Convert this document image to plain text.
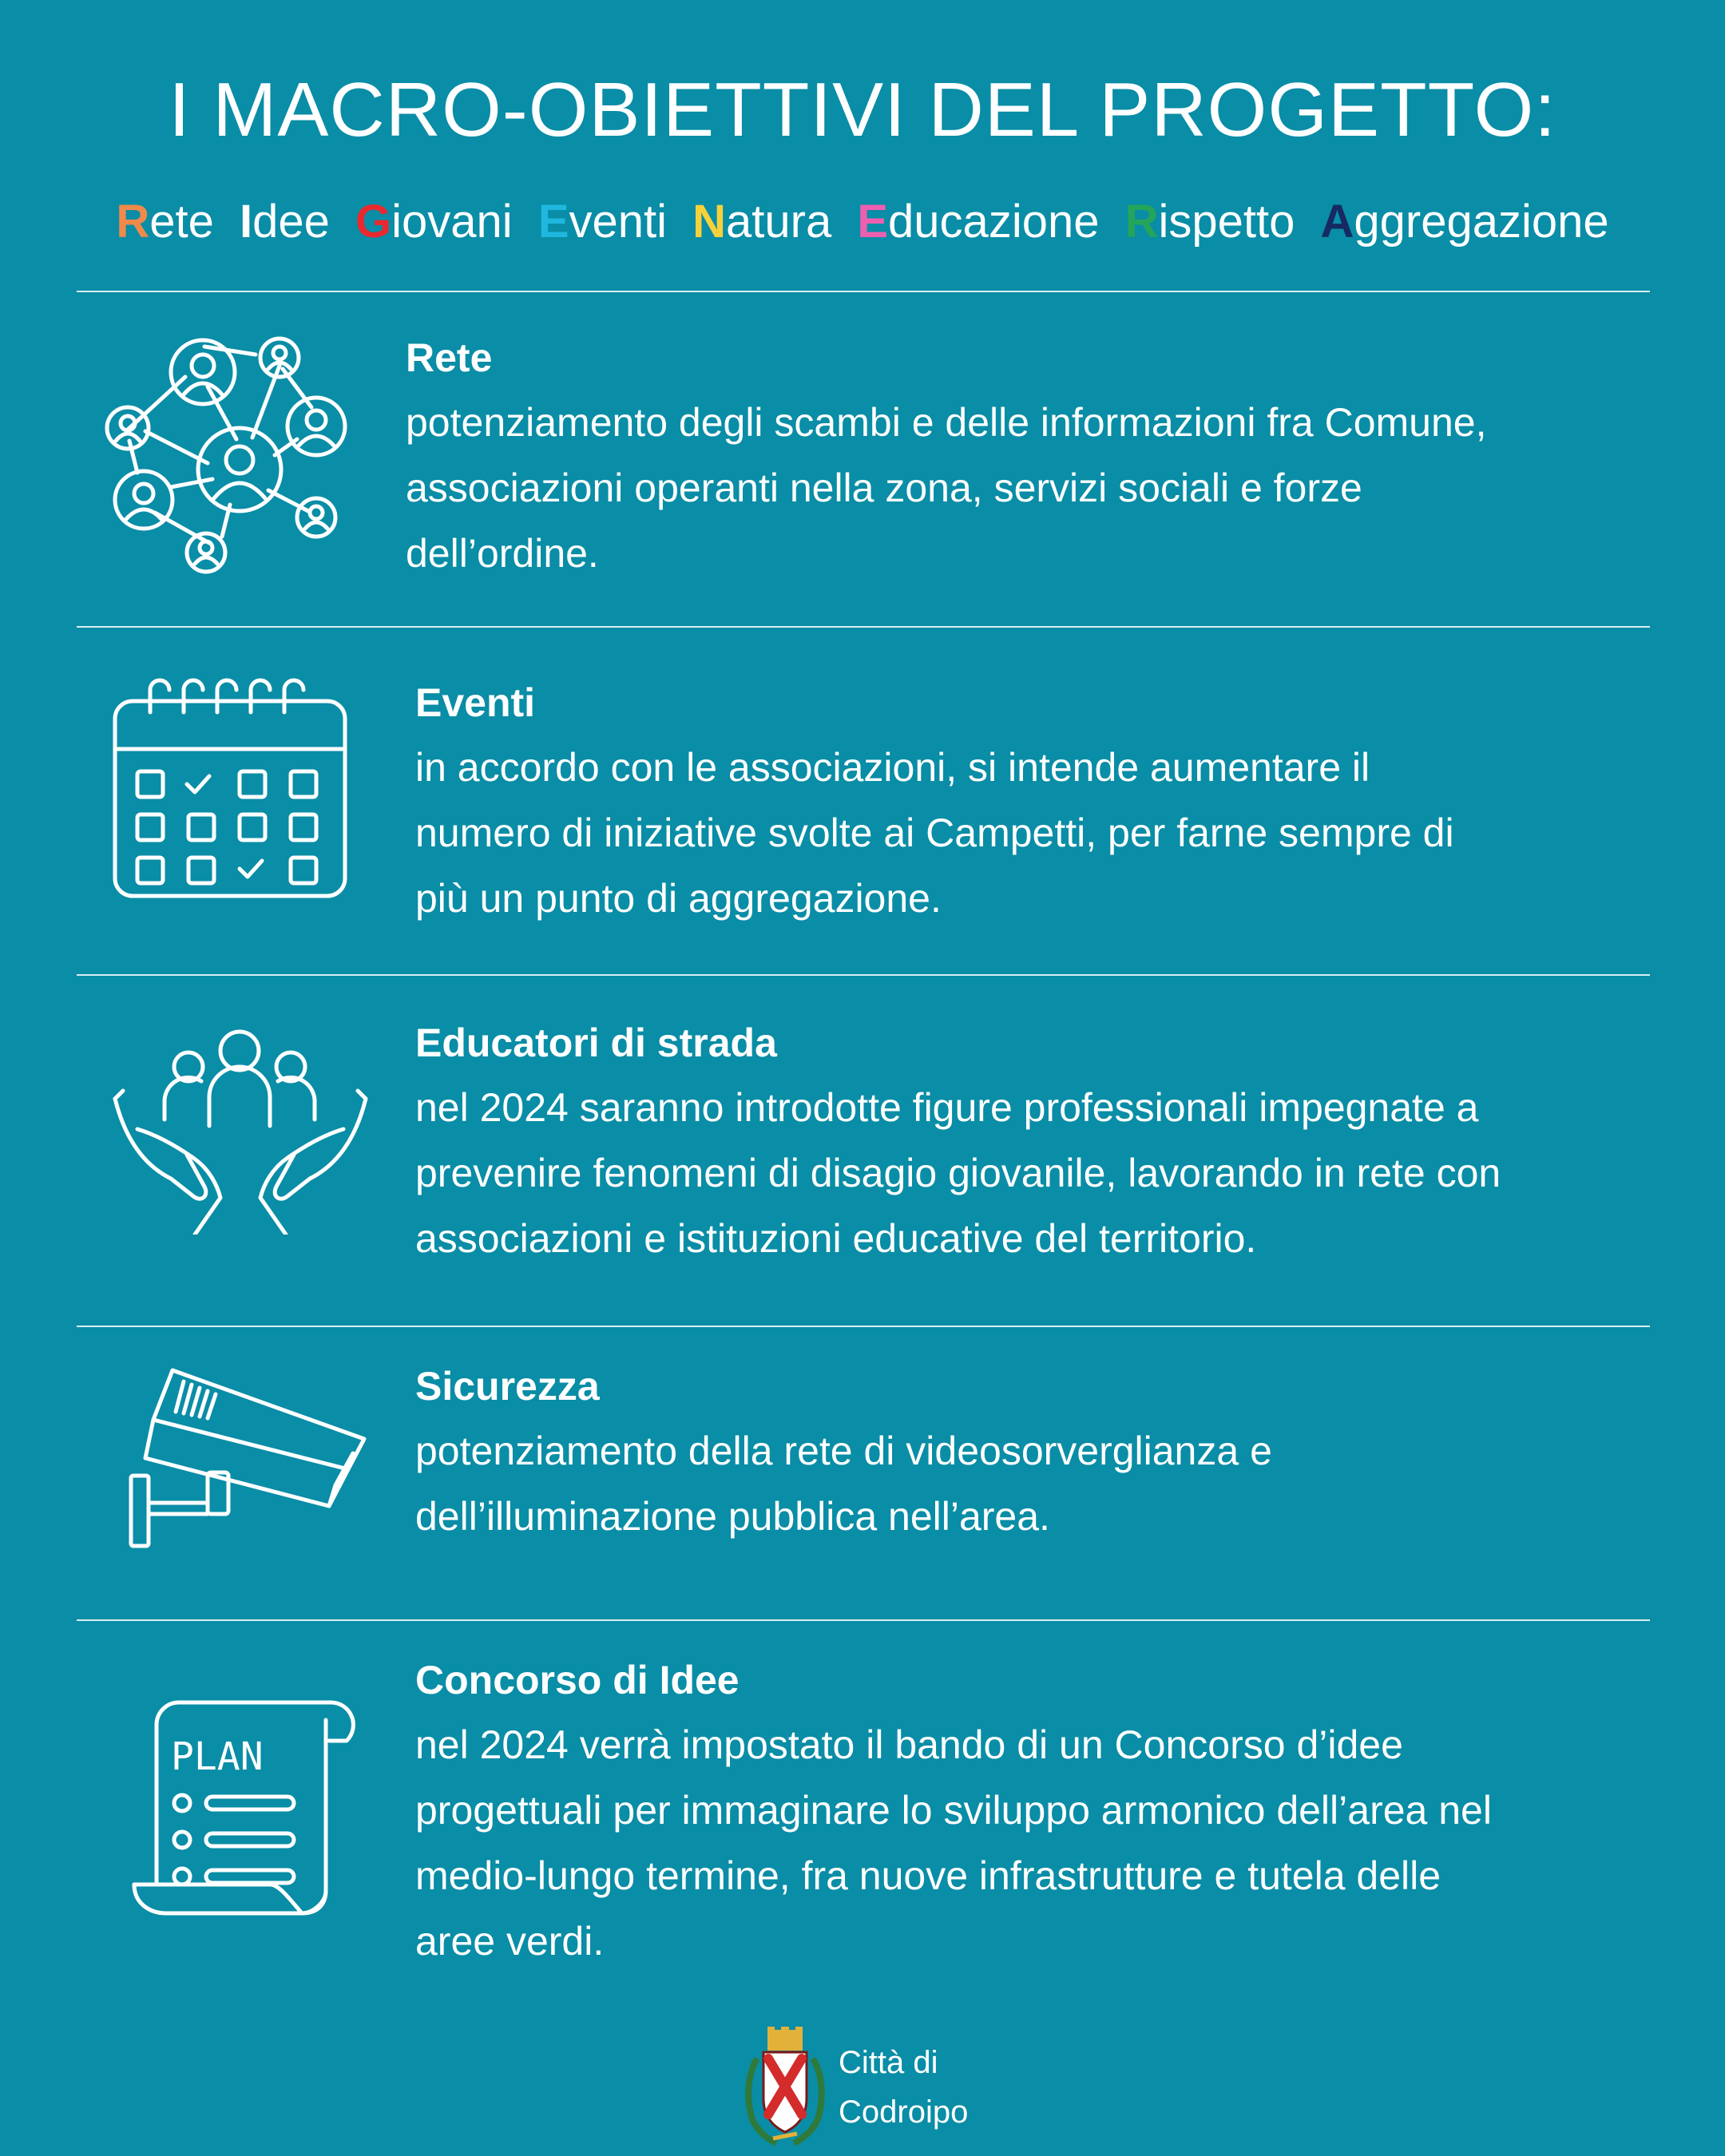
I MACRO-OBIETTIVI DEL PROGETTO:
Rete Idee Giovani Eventi Natura Educazione Rispetto Aggregazione
Rete

potenziamento degli scambi e delle informazioni fra Comune,

associazioni operanti nella zona, servizi sociali e forze

dell’ordine.

Eventi

in accordo con le associazioni, si intende aumentare il

numero di iniziative svolte ai Campetti, per farne sempre di

più un punto di aggregazione.

Educatori di strada

nel 2024 saranno introdotte figure professionali impegnate a

prevenire fenomeni di disagio giovanile, lavorando in rete con

associazioni e istituzioni educative del territorio.

Sicurezza

potenziamento della rete di videosorverglianza e

dell’illuminazione pubblica nell’area.

PLAN
Concorso di Idee

nel 2024 verrà impostato il bando di un Concorso d’idee

progettuali per immaginare lo sviluppo armonico dell’area nel

medio-lungo termine, fra nuove infrastrutture e tutela delle

aree verdi.

Città di
Codroipo
